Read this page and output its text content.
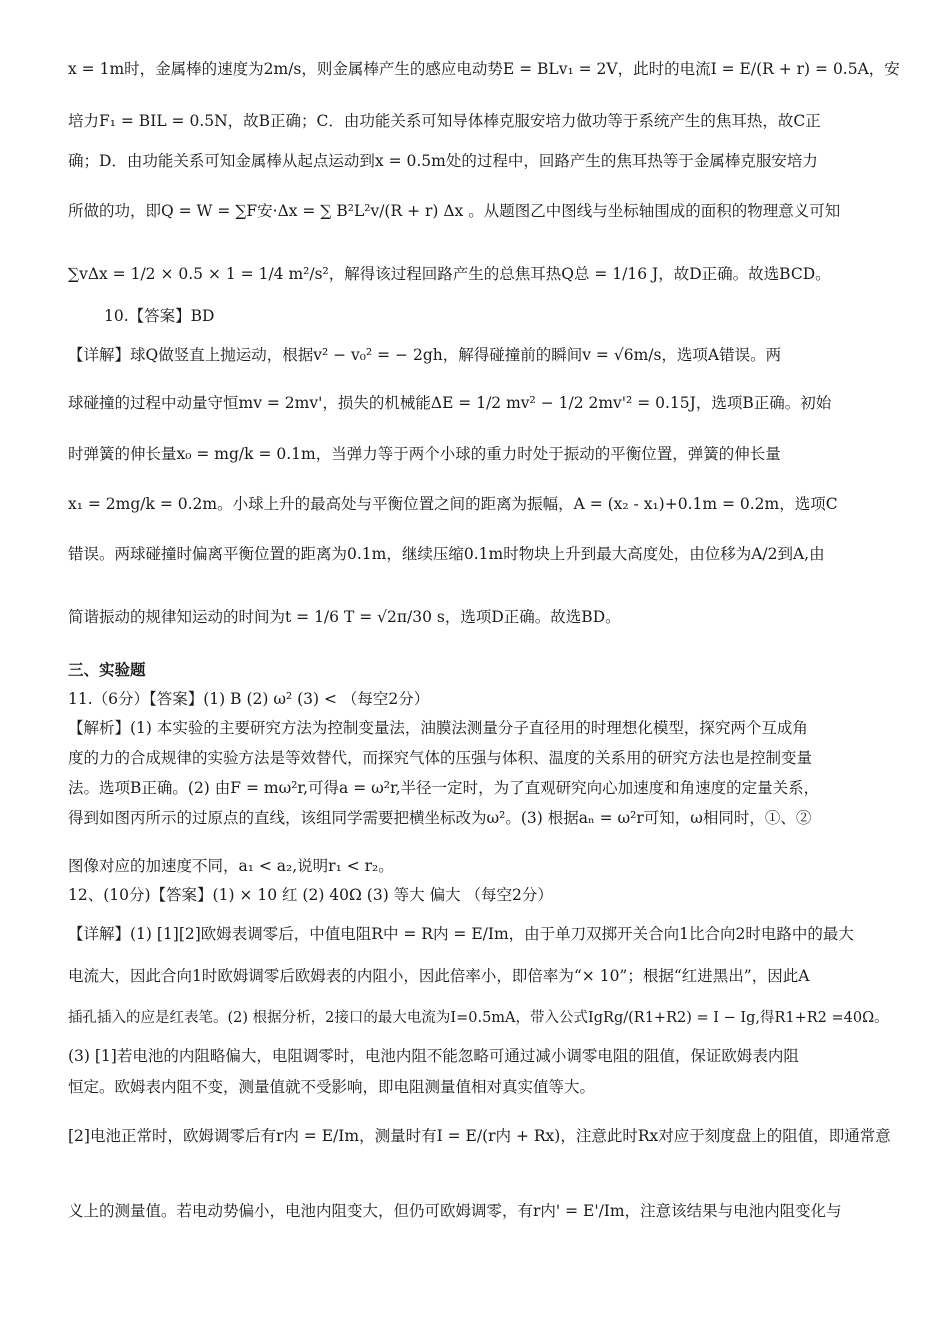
x = 1m时，金属棒的速度为2m/s，则金属棒产生的感应电动势E = BLv₁ = 2V，此时的电流I = E/(R + r) = 0.5A，安
培力F₁ = BIL = 0.5N，故B正确；C．由功能关系可知导体棒克服安培力做功等于系统产生的焦耳热，故C正
确；D．由功能关系可知金属棒从起点运动到x = 0.5m处的过程中，回路产生的焦耳热等于金属棒克服安培力
所做的功，即Q = W = ∑F安·Δx = ∑ B²L²v/(R + r) Δx 。从题图乙中图线与坐标轴围成的面积的物理意义可知
∑vΔx = 1/2 × 0.5 × 1 = 1/4 m²/s²，解得该过程回路产生的总焦耳热Q总 = 1/16 J，故D正确。故选BCD。
10.【答案】BD
【详解】球Q做竖直上抛运动，根据v² − v₀² = − 2gh，解得碰撞前的瞬间v = √6m/s，选项A错误。两
球碰撞的过程中动量守恒mv = 2mv'，损失的机械能ΔE = 1/2 mv² − 1/2 2mv'² = 0.15J，选项B正确。初始
时弹簧的伸长量x₀ = mg/k = 0.1m，当弹力等于两个小球的重力时处于振动的平衡位置，弹簧的伸长量
x₁ = 2mg/k = 0.2m。小球上升的最高处与平衡位置之间的距离为振幅，A = (x₂ - x₁)+0.1m = 0.2m，选项C
错误。两球碰撞时偏离平衡位置的距离为0.1m，继续压缩0.1m时物块上升到最大高度处，由位移为A/2到A,由
简谐振动的规律知运动的时间为t = 1/6 T = √2π/30 s，选项D正确。故选BD。
三、实验题
11.（6分）【答案】(1) B (2) ω² (3) < （每空2分）
【解析】(1) 本实验的主要研究方法为控制变量法，油膜法测量分子直径用的时理想化模型，探究两个互成角
度的力的合成规律的实验方法是等效替代，而探究气体的压强与体积、温度的关系用的研究方法也是控制变量
法。选项B正确。(2) 由F = mω²r,可得a = ω²r,半径一定时，为了直观研究向心加速度和角速度的定量关系，
得到如图丙所示的过原点的直线，该组同学需要把横坐标改为ω²。(3) 根据aₙ = ω²r可知，ω相同时，①、②
图像对应的加速度不同，a₁ < a₂,说明r₁ < r₂。
12、(10分)【答案】(1) × 10 红 (2) 40Ω (3) 等大 偏大 （每空2分）
【详解】(1) [1][2]欧姆表调零后，中值电阻R中 = R内 = E/Im，由于单刀双掷开关合向1比合向2时电路中的最大
电流大，因此合向1时欧姆调零后欧姆表的内阻小，因此倍率小，即倍率为“× 10”；根据“红进黑出”，因此A
插孔插入的应是红表笔。(2) 根据分析，2接口的最大电流为I=0.5mA，带入公式IgRg/(R1+R2) = I − Ig,得R1+R2 =40Ω。
(3) [1]若电池的内阻略偏大，电阻调零时，电池内阻不能忽略可通过减小调零电阻的阻值，保证欧姆表内阻
恒定。欧姆表内阻不变，测量值就不受影响，即电阻测量值相对真实值等大。
[2]电池正常时，欧姆调零后有r内 = E/Im，测量时有I = E/(r内 + Rx)，注意此时Rx对应于刻度盘上的阻值，即通常意
义上的测量值。若电动势偏小，电池内阻变大，但仍可欧姆调零，有r内' = E'/Im，注意该结果与电池内阻变化与
